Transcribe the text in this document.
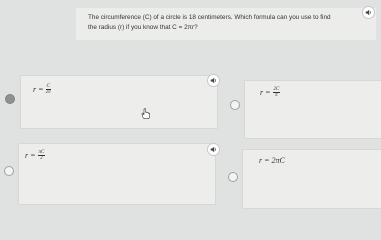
The circumference (C) of a circle is 18 centimeters. Which formula can you use to find
the radius (r) if you know that C = 2πr?
$r = \frac{C}{2\pi}$	$r = \frac{2C}{\pi}$
$r = \frac{\pi C}{2}$	r = 2πC
